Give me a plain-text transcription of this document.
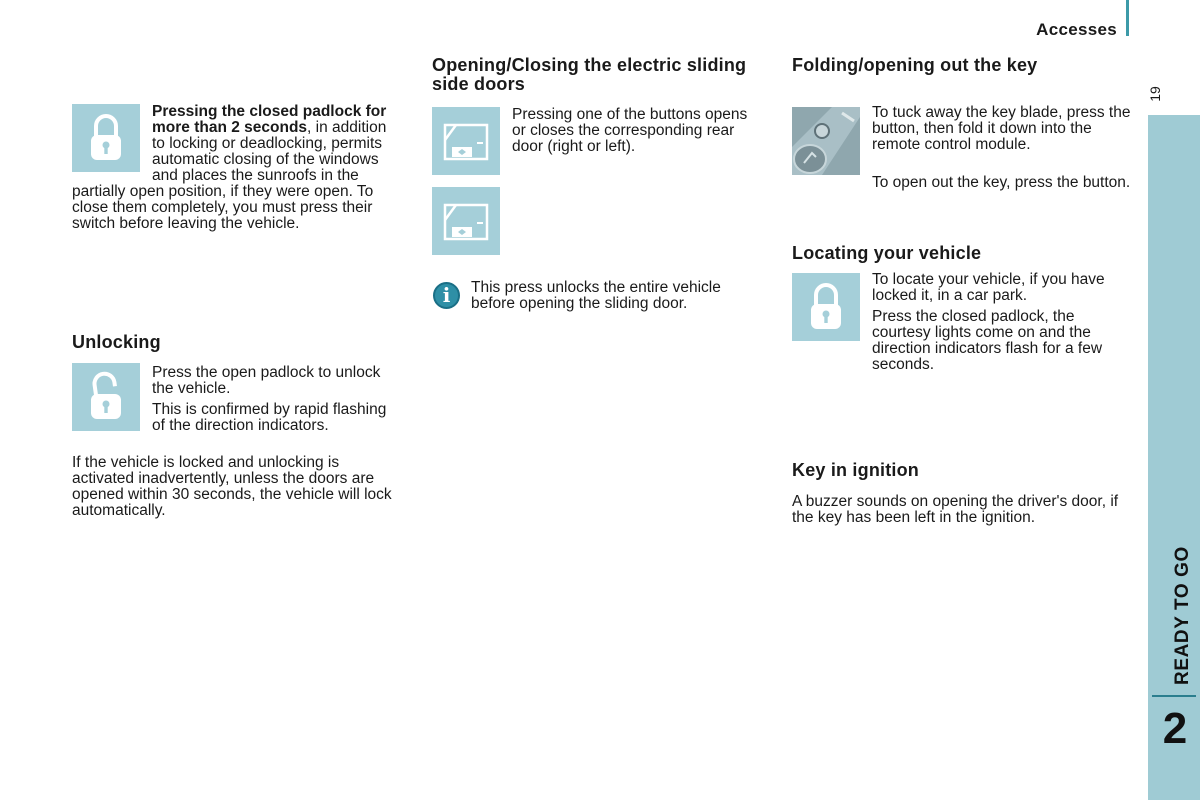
Accesses
19
READY TO GO
2
Pressing the closed padlock for more than 2 seconds, in addition to locking or deadlocking, permits automatic closing of the windows and places the sunroofs in the partially open position, if they were open. To close them completely, you must press their switch before leaving the vehicle.
Unlocking

Press the open padlock to unlock the vehicle.

This is confirmed by rapid flashing of the direction indicators.

If the vehicle is locked and unlocking is activated inadvertently, unless the doors are opened within 30 seconds, the vehicle will lock automatically.

Opening/Closing the electric sliding side doors

Pressing one of the buttons opens or closes the corresponding rear door (right or left).

i	This press unlocks the entire vehicle before opening the sliding door.

Folding/opening out the key

To tuck away the key blade, press the button, then fold it down into the remote control module.

To open out the key, press the button.

Locating your vehicle

To locate your vehicle, if you have locked it, in a car park.

Press the closed padlock, the courtesy lights come on and the direction indicators flash for a few seconds.

Key in ignition

A buzzer sounds on opening the driver's door, if the key has been left in the ignition.
